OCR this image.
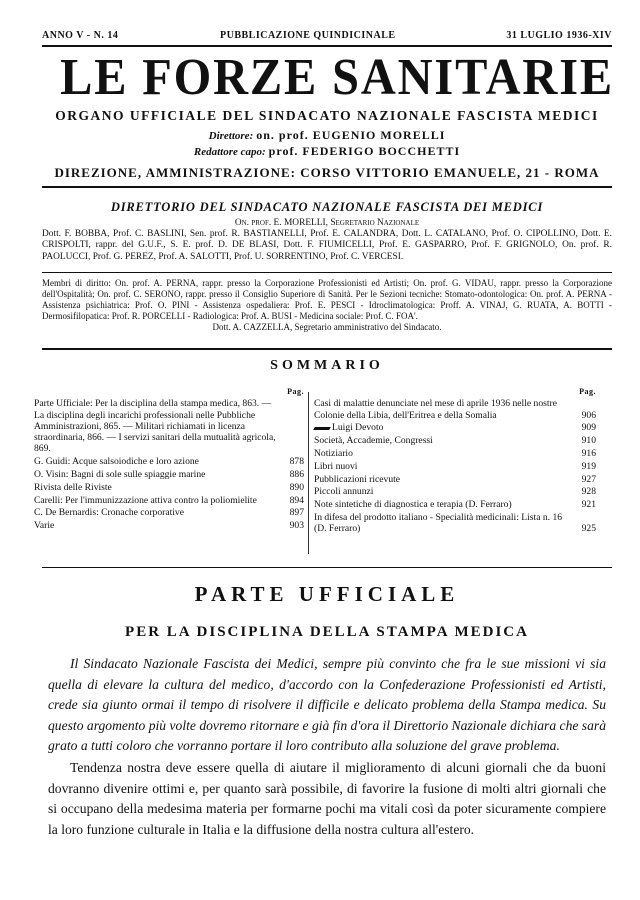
ANNO V - N. 14	PUBBLICAZIONE QUINDICINALE	31 LUGLIO 1936-XIV
LE FORZE SANITARIE
ORGANO UFFICIALE DEL SINDACATO NAZIONALE FASCISTA MEDICI
Direttore: on. prof. EUGENIO MORELLI
Redattore capo: prof. FEDERIGO BOCCHETTI
DIREZIONE, AMMINISTRAZIONE: CORSO VITTORIO EMANUELE, 21 - ROMA
DIRETTORIO DEL SINDACATO NAZIONALE FASCISTA DEI MEDICI
On. prof. E. MORELLI, Segretario Nazionale
Dott. F. BOBBA, Prof. C. BASLINI, Sen. prof. R. BASTIANELLI, Prof. E. CALANDRA, Dott. L. CATALANO, Prof. O. CIPOLLINO, Dott. E. CRISPOLTI, rappr. del G.U.F., S. E. prof. D. DE BLASI, Dott. F. FIUMICELLI, Prof. E. GASPARRO, Prof. F. GRIGNOLO, On. prof. R. PAOLUCCI, Prof. G. PEREZ, Prof. A. SALOTTI, Prof. U. SORRENTINO, Prof. C. VERCESI.
Membri di diritto: On. prof. A. PERNA, rappr. presso la Corporazione Professionisti ed Artisti; On. prof. G. VIDAU, rappr. presso la Corporazione dell'Ospitalità; On. prof. C. SERONO, rappr. presso il Consiglio Superiore di Sanità. Per le Sezioni tecniche: Stomato-odontologica: On. prof. A. PERNA - Assistenza psichiatrica: Prof. O. PINI - Assistenza ospedaliera: Prof. E. PESCI - Idroclimatologica: Proff. A. VINAJ, G. RUATA, A. BOTTI - Dermosifilopatica: Prof. R. PORCELLI - Radiologica: Prof. A. BUSI - Medicina sociale: Prof. C. FOA'.
Dott. A. CAZZELLA, Segretario amministrativo del Sindacato.
SOMMARIO
Pag.
Parte Ufficiale: Per la disciplina della stampa medica, 863. — La disciplina degli incarichi professionali nelle Pubbliche Amministrazioni, 865. — Militari richiamati in licenza straordinaria, 866. — I servizi sanitari della mutualità agricola, 869.
G. Guidi: Acque salsoiodiche e loro azione	878
O. Visin: Bagni di sole sulle spiaggie marine	886
Rivista delle Riviste	890
Carelli: Per l'immunizzazione attiva contro la poliomielite	894
C. De Bernardis: Cronache corporative	897
Varie	903
Pag.
Casi di malattie denunciate nel mese di aprile 1936 nelle nostre Colonie della Libia, dell'Eritrea e della Somalia	906
Luigi Devoto	909
Società, Accademie, Congressi	910
Notiziario	916
Libri nuovi	919
Pubblicazioni ricevute	927
Piccoli annunzi	928
Note sintetiche di diagnostica e terapia (D. Ferraro)	921
In difesa del prodotto italiano - Specialità medicinali: Lista n. 16 (D. Ferraro)	925
PARTE UFFICIALE
PER LA DISCIPLINA DELLA STAMPA MEDICA

Il Sindacato Nazionale Fascista dei Medici, sempre più convinto che fra le sue missioni vi sia quella di elevare la cultura del medico, d'accordo con la Confederazione Professionisti ed Artisti, crede sia giunto ormai il tempo di risolvere il difficile e delicato problema della Stampa medica. Su questo argomento più volte dovremo ritornare e già fin d'ora il Direttorio Nazionale dichiara che sarà grato a tutti coloro che vorranno portare il loro contributo alla soluzione del grave problema.

Tendenza nostra deve essere quella di aiutare il miglioramento di alcuni giornali che da buoni dovranno divenire ottimi e, per quanto sarà possibile, di favorire la fusione di molti altri giornali che si occupano della medesima materia per formarne pochi ma vitali così da poter sicuramente compiere la loro funzione culturale in Italia e la diffusione della nostra cultura all'estero.
